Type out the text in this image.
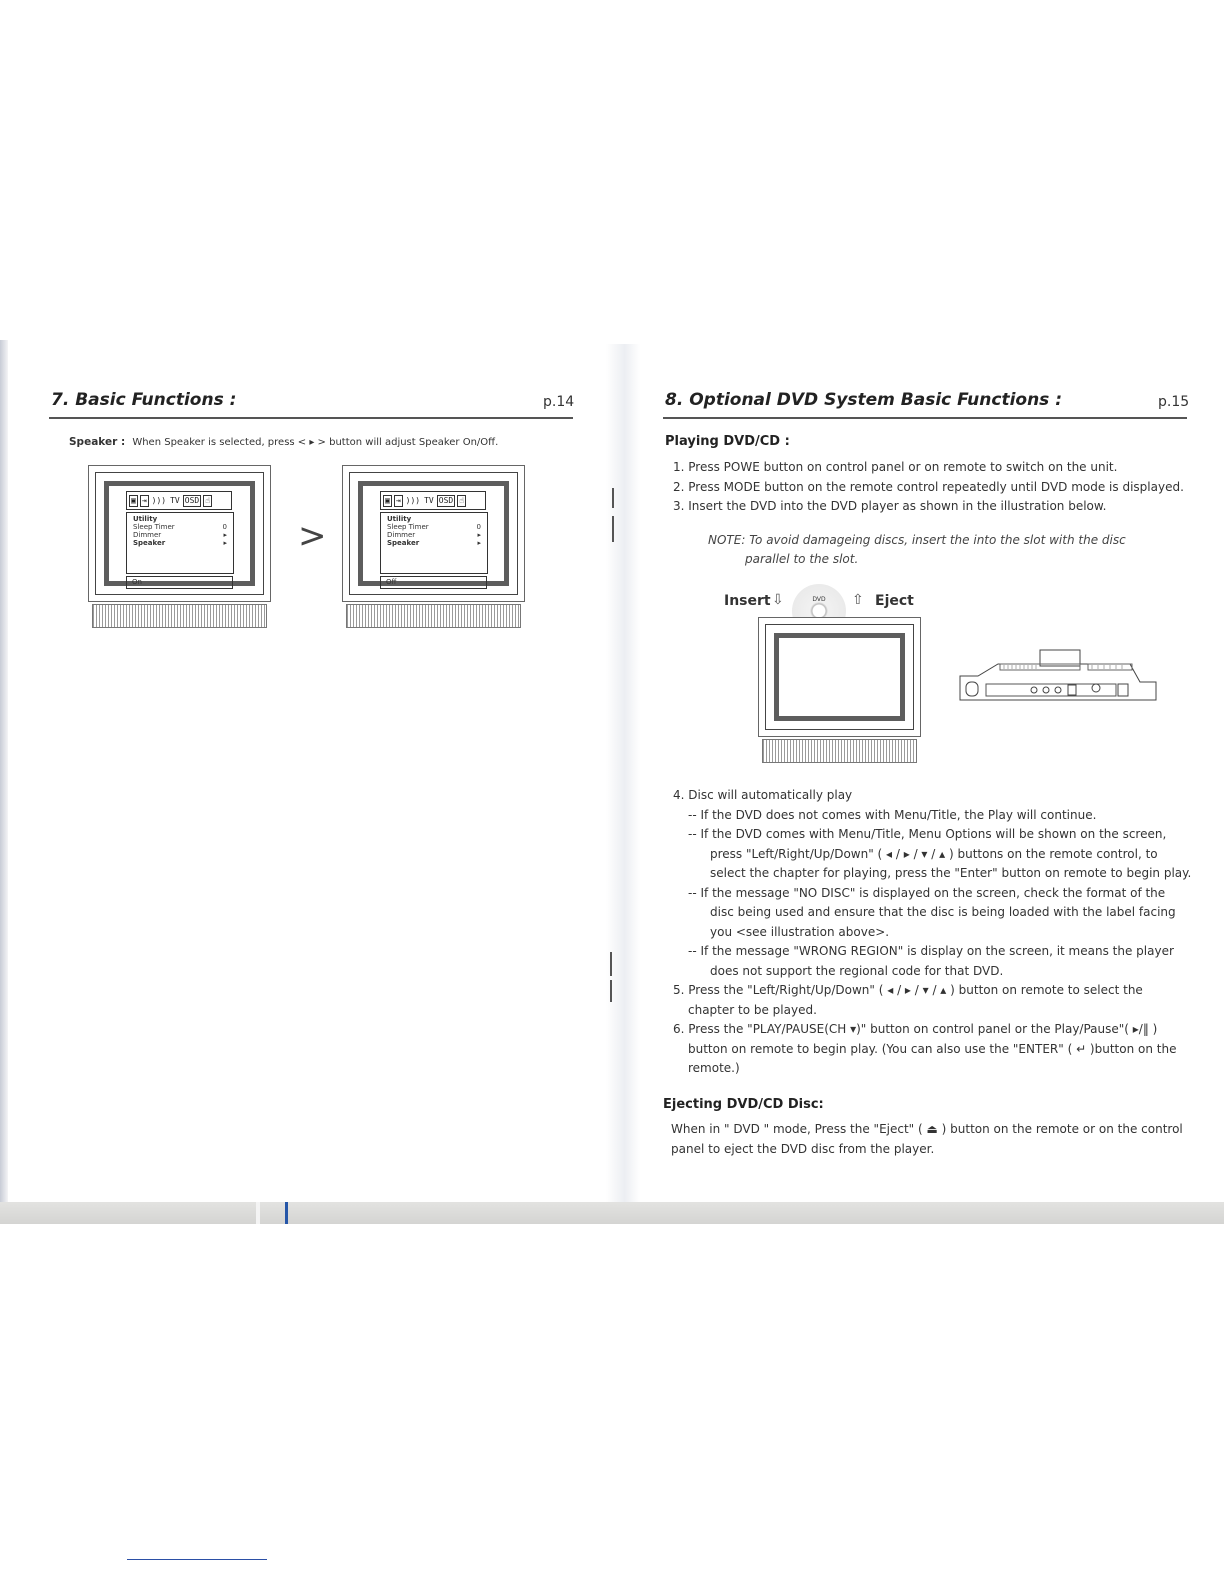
7. Basic Functions :	p.14
Speaker : When Speaker is selected, press < ▸ > button will adjust Speaker On/Off.
▣ ⇥ ))) TV OSD ☝
Utility
Sleep Timer	0
Dimmer	▸
Speaker	▸
On
>
▣ ⇥ ))) TV OSD ☝
Utility
Sleep Timer	0
Dimmer	▸
Speaker	▸
Off
8. Optional DVD System Basic Functions :	p.15
Playing DVD/CD :
1. Press POWE button on control panel or on remote to switch on the unit.
2. Press MODE button on the remote control repeatedly until DVD mode is displayed.
3. Insert the DVD into the DVD player as shown in the illustration below.
NOTE: To avoid damageing discs, insert the into the slot with the disc
parallel to the slot.
Insert ⇩	⇧ Eject
DVD
4. Disc will automatically play
-- If the DVD does not comes with Menu/Title, the Play will continue.
-- If the DVD comes with Menu/Title, Menu Options will be shown on the screen,
press "Left/Right/Up/Down" ( ◂ / ▸ / ▾ / ▴ ) buttons on the remote control, to
select the chapter for playing, press the "Enter" button on remote to begin play.
-- If the message "NO DISC" is displayed on the screen, check the format of the
disc being used and ensure that the disc is being loaded with the label facing
you <see illustration above>.
-- If the message "WRONG REGION" is display on the screen, it means the player
does not support the regional code for that DVD.
5. Press the "Left/Right/Up/Down" ( ◂ / ▸ / ▾ / ▴ ) button on remote to select the
chapter to be played.
6. Press the "PLAY/PAUSE(CH ▾)" button on control panel or the Play/Pause"( ▸/‖ )
button on remote to begin play. (You can also use the "ENTER" ( ↵ )button on the
remote.)
Ejecting DVD/CD Disc:
When in " DVD " mode, Press the "Eject" ( ⏏ ) button on the remote or on the control
panel to eject the DVD disc from the player.
